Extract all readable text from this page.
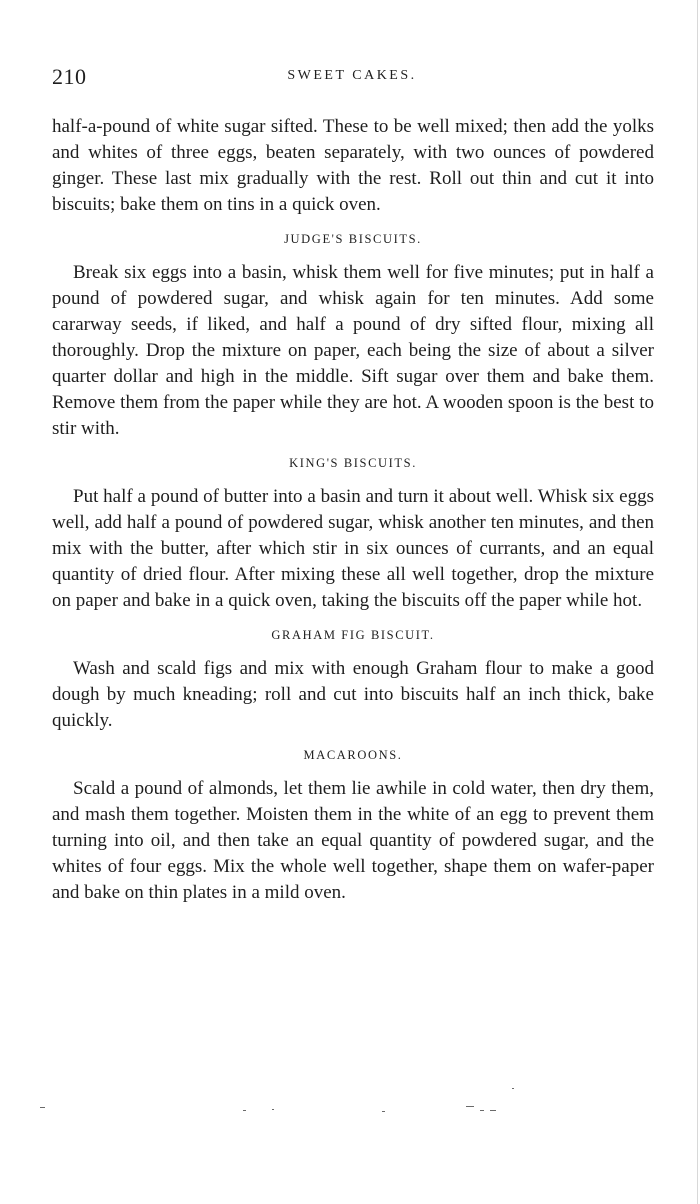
210	SWEET CAKES.

half-a-pound of white sugar sifted. These to be well mixed; then add the yolks and whites of three eggs, beaten separately, with two ounces of powdered ginger. These last mix gradually with the rest. Roll out thin and cut it into biscuits; bake them on tins in a quick oven.

JUDGE'S BISCUITS.

Break six eggs into a basin, whisk them well for five minutes; put in half a pound of powdered sugar, and whisk again for ten minutes. Add some cararway seeds, if liked, and half a pound of dry sifted flour, mixing all thoroughly. Drop the mixture on paper, each being the size of about a silver quarter dollar and high in the middle. Sift sugar over them and bake them. Remove them from the paper while they are hot. A wooden spoon is the best to stir with.

KING'S BISCUITS.

Put half a pound of butter into a basin and turn it about well. Whisk six eggs well, add half a pound of powdered sugar, whisk another ten minutes, and then mix with the butter, after which stir in six ounces of currants, and an equal quantity of dried flour. After mixing these all well together, drop the mixture on paper and bake in a quick oven, taking the biscuits off the paper while hot.

GRAHAM FIG BISCUIT.

Wash and scald figs and mix with enough Graham flour to make a good dough by much kneading; roll and cut into biscuits half an inch thick, bake quickly.

MACAROONS.

Scald a pound of almonds, let them lie awhile in cold water, then dry them, and mash them together. Moisten them in the white of an egg to prevent them turning into oil, and then take an equal quantity of powdered sugar, and the whites of four eggs. Mix the whole well together, shape them on wafer-paper and bake on thin plates in a mild oven.
